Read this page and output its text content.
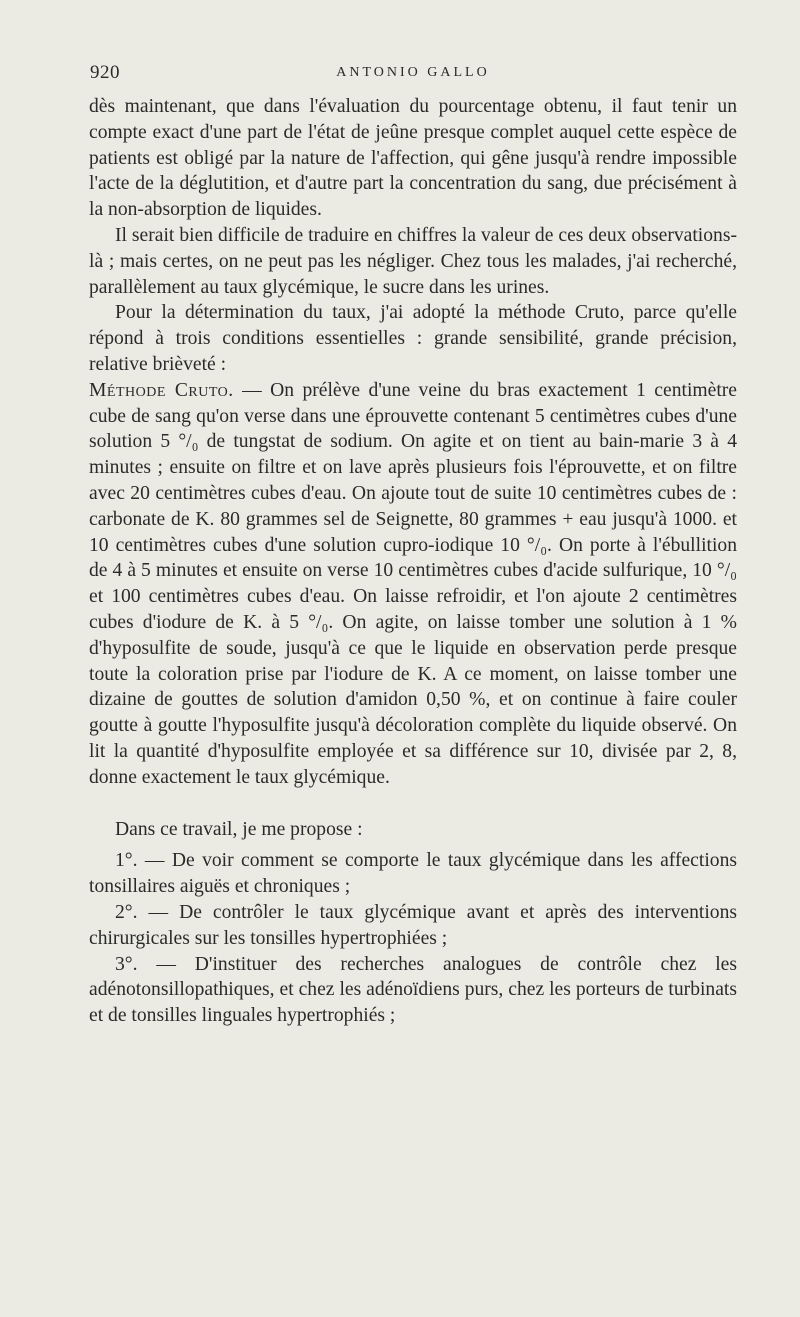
920	ANTONIO GALLO

dès maintenant, que dans l'évaluation du pourcentage obtenu, il faut tenir un compte exact d'une part de l'état de jeûne presque complet auquel cette espèce de patients est obligé par la nature de l'affection, qui gêne jusqu'à rendre impossible l'acte de la déglutition, et d'autre part la concentration du sang, due précisément à la non-absorption de liquides.

Il serait bien difficile de traduire en chiffres la valeur de ces deux observations-là ; mais certes, on ne peut pas les négliger. Chez tous les malades, j'ai recherché, parallèlement au taux glycémique, le sucre dans les urines.

Pour la détermination du taux, j'ai adopté la méthode Cruto, parce qu'elle répond à trois conditions essentielles : grande sensibilité, grande précision, relative brièveté :

Méthode Cruto. — On prélève d'une veine du bras exactement 1 centimètre cube de sang qu'on verse dans une éprouvette contenant 5 centimètres cubes d'une solution 5 °/₀ de tungstat de sodium. On agite et on tient au bain-marie 3 à 4 minutes ; ensuite on filtre et on lave après plusieurs fois l'éprouvette, et on filtre avec 20 centimètres cubes d'eau. On ajoute tout de suite 10 centimètres cubes de : carbonate de K. 80 grammes sel de Seignette, 80 grammes + eau jusqu'à 1000. et 10 centimètres cubes d'une solution cupro-iodique 10 °/₀. On porte à l'ébullition de 4 à 5 minutes et ensuite on verse 10 centimètres cubes d'acide sulfurique, 10 °/₀ et 100 centimètres cubes d'eau. On laisse refroidir, et l'on ajoute 2 centimètres cubes d'iodure de K. à 5 °/₀. On agite, on laisse tomber une solution à 1 % d'hyposulfite de soude, jusqu'à ce que le liquide en observation perde presque toute la coloration prise par l'iodure de K. A ce moment, on laisse tomber une dizaine de gouttes de solution d'amidon 0,50 %, et on continue à faire couler goutte à goutte l'hyposulfite jusqu'à décoloration complète du liquide observé. On lit la quantité d'hyposulfite employée et sa différence sur 10, divisée par 2, 8, donne exactement le taux glycémique.

Dans ce travail, je me propose :

1°. — De voir comment se comporte le taux glycémique dans les affections tonsillaires aiguës et chroniques ;

2°. — De contrôler le taux glycémique avant et après des interventions chirurgicales sur les tonsilles hypertrophiées ;

3°. — D'instituer des recherches analogues de contrôle chez les adénotonsillopathiques, et chez les adénoïdiens purs, chez les porteurs de turbinats et de tonsilles linguales hypertrophiés ;
